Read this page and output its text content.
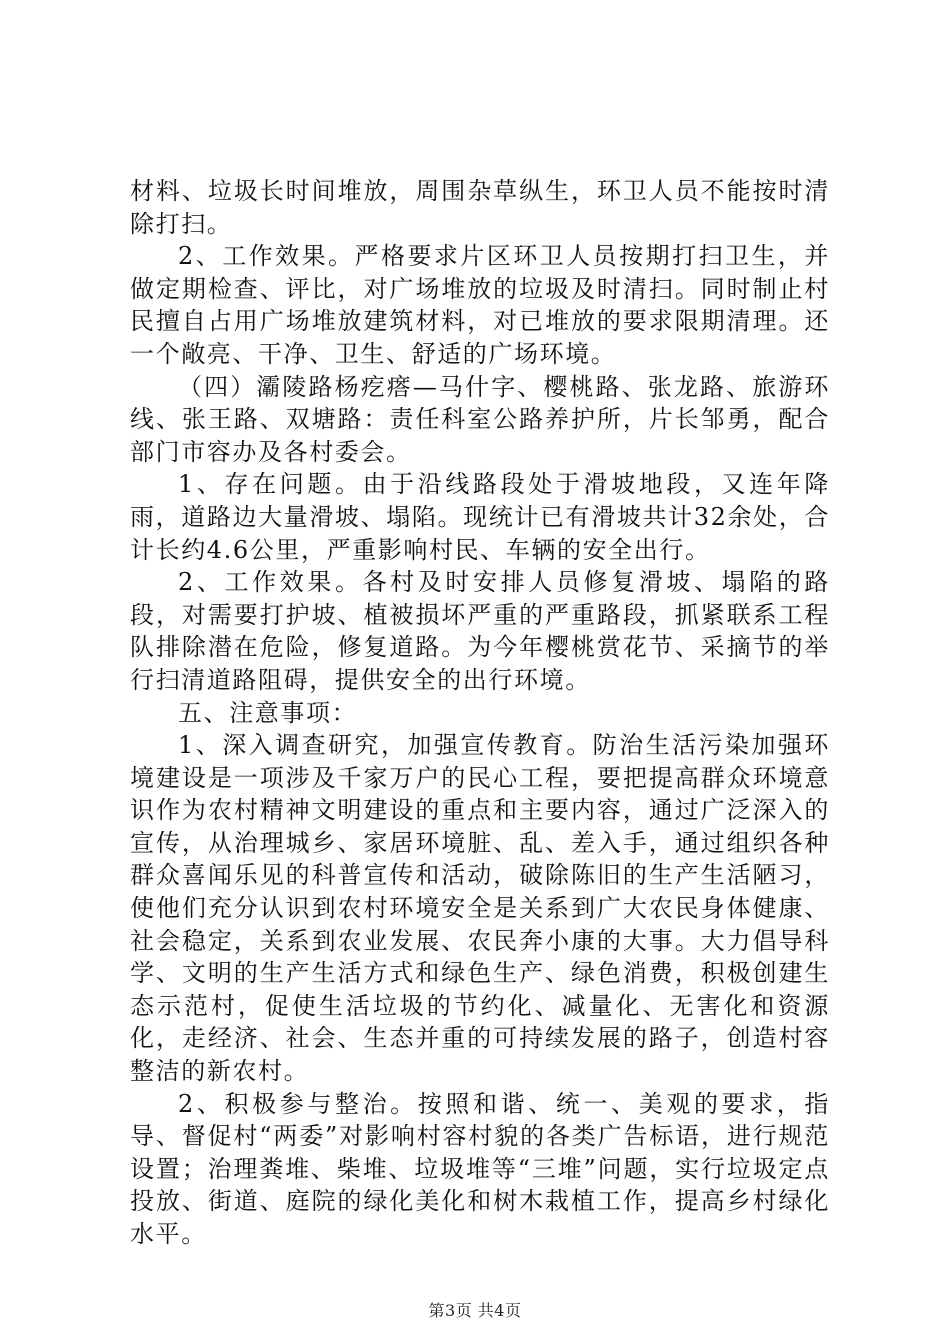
材料、垃圾长时间堆放，周围杂草纵生，环卫人员不能按时清除打扫。

2、工作效果。严格要求片区环卫人员按期打扫卫生，并做定期检查、评比，对广场堆放的垃圾及时清扫。同时制止村民擅自占用广场堆放建筑材料，对已堆放的要求限期清理。还一个敞亮、干净、卫生、舒适的广场环境。

（四）灞陵路杨疙瘩—马什字、樱桃路、张龙路、旅游环线、张王路、双塘路：责任科室公路养护所，片长邹勇，配合部门市容办及各村委会。

1、存在问题。由于沿线路段处于滑坡地段，又连年降雨，道路边大量滑坡、塌陷。现统计已有滑坡共计32余处，合计长约4.6公里，严重影响村民、车辆的安全出行。

2、工作效果。各村及时安排人员修复滑坡、塌陷的路段，对需要打护坡、植被损坏严重的严重路段，抓紧联系工程队排除潜在危险，修复道路。为今年樱桃赏花节、采摘节的举行扫清道路阻碍，提供安全的出行环境。

五、注意事项：

1、深入调查研究，加强宣传教育。防治生活污染加强环境建设是一项涉及千家万户的民心工程，要把提高群众环境意识作为农村精神文明建设的重点和主要内容，通过广泛深入的宣传，从治理城乡、家居环境脏、乱、差入手，通过组织各种群众喜闻乐见的科普宣传和活动，破除陈旧的生产生活陋习，使他们充分认识到农村环境安全是关系到广大农民身体健康、社会稳定，关系到农业发展、农民奔小康的大事。大力倡导科学、文明的生产生活方式和绿色生产、绿色消费，积极创建生态示范村，促使生活垃圾的节约化、减量化、无害化和资源化，走经济、社会、生态并重的可持续发展的路子，创造村容整洁的新农村。

2、积极参与整治。按照和谐、统一、美观的要求，指导、督促村“两委”对影响村容村貌的各类广告标语，进行规范设置；治理粪堆、柴堆、垃圾堆等“三堆”问题，实行垃圾定点投放、街道、庭院的绿化美化和树木栽植工作，提高乡村绿化水平。

第3页 共4页
